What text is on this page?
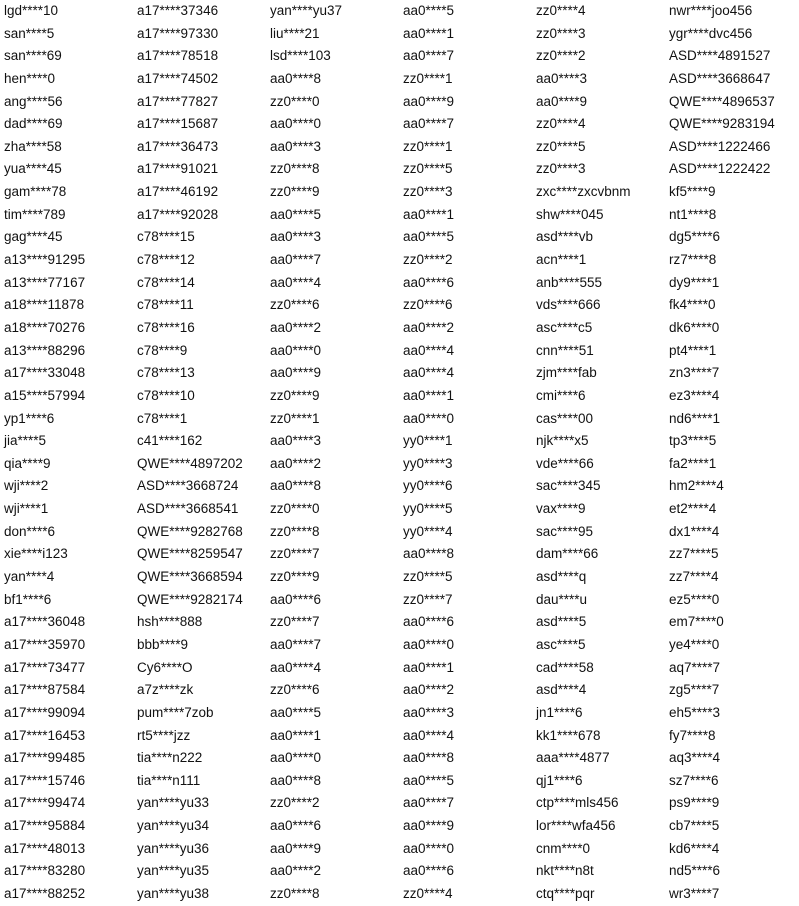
lgd****10
san****5
san****69
hen****0
ang****56
dad****69
zha****58
yua****45
gam****78
tim****789
gag****45
a13****91295
a13****77167
a18****11878
a18****70276
a13****88296
a17****33048
a15****57994
yp1****6
jia****5
qia****9
wji****2
wji****1
don****6
xie****i123
yan****4
bf1****6
a17****36048
a17****35970
a17****73477
a17****87584
a17****99094
a17****16453
a17****99485
a17****15746
a17****99474
a17****95884
a17****48013
a17****83280
a17****88252
a17****37346
a17****97330
a17****78518
a17****74502
a17****77827
a17****15687
a17****36473
a17****91021
a17****46192
a17****92028
c78****15
c78****12
c78****14
c78****11
c78****16
c78****9
c78****13
c78****10
c78****1
c41****162
QWE****4897202
ASD****3668724
ASD****3668541
QWE****9282768
QWE****8259547
QWE****3668594
QWE****9282174
hsh****888
bbb****9
Cy6****O
a7z****zk
pum****7zob
rt5****jzz
tia****n222
tia****n111
yan****yu33
yan****yu34
yan****yu36
yan****yu35
yan****yu38
yan****yu37
liu****21
lsd****103
aa0****8
zz0****0
aa0****0
aa0****3
zz0****8
zz0****9
aa0****5
aa0****3
aa0****7
aa0****4
zz0****6
aa0****2
aa0****0
aa0****9
zz0****9
zz0****1
aa0****3
aa0****2
aa0****8
zz0****0
zz0****8
zz0****7
zz0****9
aa0****6
zz0****7
aa0****7
aa0****4
zz0****6
aa0****5
aa0****1
aa0****0
aa0****8
zz0****2
aa0****6
aa0****9
aa0****2
zz0****8
aa0****5
aa0****1
aa0****7
zz0****1
aa0****9
aa0****7
zz0****1
zz0****5
zz0****3
aa0****1
aa0****5
zz0****2
aa0****6
zz0****6
aa0****2
aa0****4
aa0****4
aa0****1
aa0****0
yy0****1
yy0****3
yy0****6
yy0****5
yy0****4
aa0****8
zz0****5
zz0****7
aa0****6
aa0****0
aa0****1
aa0****2
aa0****3
aa0****4
aa0****8
aa0****5
aa0****7
aa0****9
aa0****0
aa0****6
zz0****4
zz0****4
zz0****3
zz0****2
aa0****3
aa0****9
zz0****4
zz0****5
zz0****3
zxc****zxcvbnm
shw****045
asd****vb
acn****1
anb****555
vds****666
asc****c5
cnn****51
zjm****fab
cmi****6
cas****00
njk****x5
vde****66
sac****345
vax****9
sac****95
dam****66
asd****q
dau****u
asd****5
asc****5
cad****58
asd****4
jn1****6
kk1****678
aaa****4877
qj1****6
ctp****mls456
lor****wfa456
cnm****0
nkt****n8t
ctq****pqr
nwr****joo456
ygr****dvc456
ASD****4891527
ASD****3668647
QWE****4896537
QWE****9283194
ASD****1222466
ASD****1222422
kf5****9
nt1****8
dg5****6
rz7****8
dy9****1
fk4****0
dk6****0
pt4****1
zn3****7
ez3****4
nd6****1
tp3****5
fa2****1
hm2****4
et2****4
dx1****4
zz7****5
zz7****4
ez5****0
em7****0
ye4****0
aq7****7
zg5****7
eh5****3
fy7****8
aq3****4
sz7****6
ps9****9
cb7****5
kd6****4
nd5****6
wr3****7
